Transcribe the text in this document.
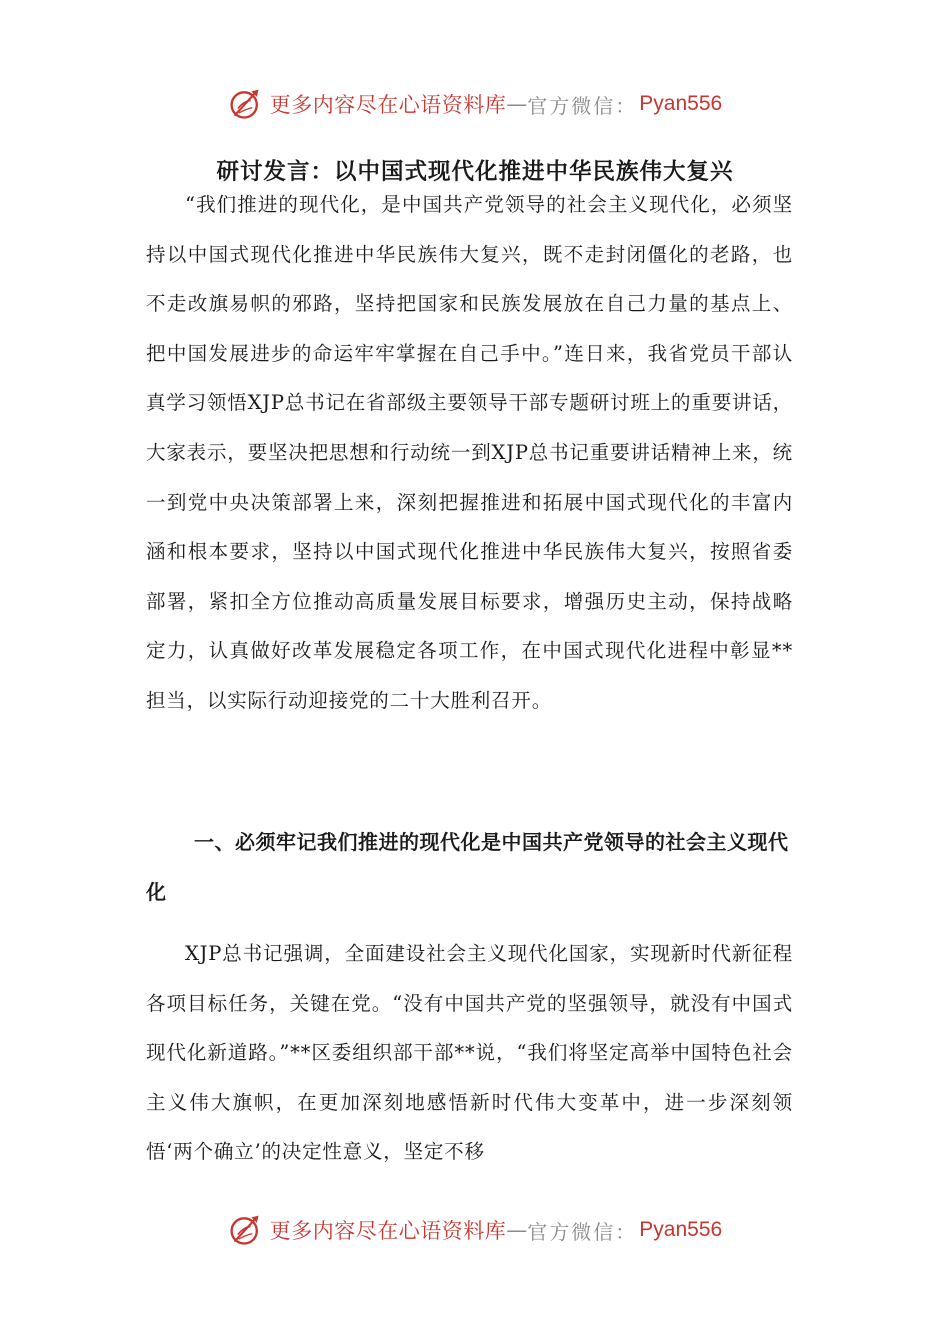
更多内容尽在心语资料库 — 官方微信： Pyan556
研讨发言：以中国式现代化推进中华民族伟大复兴

“我们推进的现代化，是中国共产党领导的社会主义现代化，必须坚持以中国式现代化推进中华民族伟大复兴，既不走封闭僵化的老路，也不走改旗易帜的邪路，坚持把国家和民族发展放在自己力量的基点上、把中国发展进步的命运牢牢掌握在自己手中。”连日来，我省党员干部认真学习领悟XJP总书记在省部级主要领导干部专题研讨班上的重要讲话，大家表示，要坚决把思想和行动统一到XJP总书记重要讲话精神上来，统一到党中央决策部署上来，深刻把握推进和拓展中国式现代化的丰富内涵和根本要求，坚持以中国式现代化推进中华民族伟大复兴，按照省委部署，紧扣全方位推动高质量发展目标要求，增强历史主动，保持战略定力，认真做好改革发展稳定各项工作，在中国式现代化进程中彰显**担当，以实际行动迎接党的二十大胜利召开。

一、必须牢记我们推进的现代化是中国共产党领导的社会主义现代化

XJP总书记强调，全面建设社会主义现代化国家，实现新时代新征程各项目标任务，关键在党。“没有中国共产党的坚强领导，就没有中国式现代化新道路。”**区委组织部干部**说，“我们将坚定高举中国特色社会主义伟大旗帜，在更加深刻地感悟新时代伟大变革中，进一步深刻领悟‘两个确立’的决定性意义，坚定不移

更多内容尽在心语资料库 — 官方微信： Pyan556
